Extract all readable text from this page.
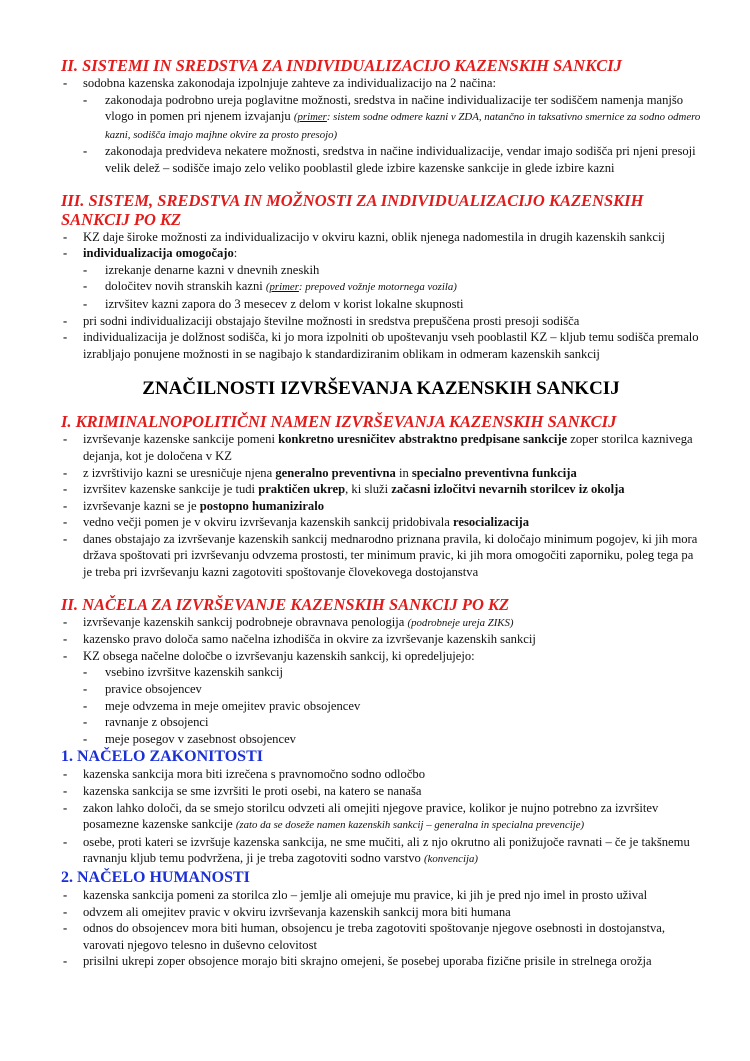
II. SISTEMI IN SREDSTVA ZA INDIVIDUALIZACIJO KAZENSKIH SANKCIJ
- sodobna kazenska zakonodaja izpolnjuje zahteve za individualizacijo na 2 načina:
- zakonodaja podrobno ureja poglavitne možnosti, sredstva in načine individualizacije ter sodiščem namenja manjšo vlogo in pomen pri njenem izvajanju (primer: sistem sodne odmere kazni v ZDA, natančno in taksativno smernice za sodno odmero kazni, sodišča imajo majhne okvire za prosto presojo)
- zakonodaja predvideva nekatere možnosti, sredstva in načine individualizacije, vendar imajo sodišča pri njeni presoji velik delež – sodišče imajo zelo veliko pooblastil glede izbire kazenske sankcije in glede izbire kazni
III. SISTEM, SREDSTVA IN MOŽNOSTI ZA INDIVIDUALIZACIJO KAZENSKIH SANKCIJ PO KZ
- KZ daje široke možnosti za individualizacijo v okviru kazni, oblik njenega nadomestila in drugih kazenskih sankcij
- individualizacija omogočajo:
- izrekanje denarne kazni v dnevnih zneskih
- določitev novih stranskih kazni (primer: prepoved vožnje motornega vozila)
- izrvšitev kazni zapora do 3 mesecev z delom v korist lokalne skupnosti
- pri sodni individualizaciji obstajajo številne možnosti in sredstva prepuščena prosti presoji sodišča
- individualizacija je dolžnost sodišča, ki jo mora izpolniti ob upoštevanju vseh pooblastil KZ – kljub temu sodišča premalo izrabljajo ponujene možnosti in se nagibajo k standardiziranim oblikam in odmeram kazenskih sankcij
ZNAČILNOSTI IZVRŠEVANJA KAZENSKIH SANKCIJ
I. KRIMINALNOPOLITIČNI NAMEN IZVRŠEVANJA KAZENSKIH SANKCIJ
- izvrševanje kazenske sankcije pomeni konkretno uresničitev abstraktno predpisane sankcije zoper storilca kaznivega dejanja, kot je določena v KZ
- z izvrštivijo kazni se uresničuje njena generalno preventivna in specialno preventivna funkcija
- izvršitev kazenske sankcije je tudi praktičen ukrep, ki služi začasni izločitvi nevarnih storilcev iz okolja
- izvrševanje kazni se je postopno humaniziralo
- vedno večji pomen je v okviru izvrševanja kazenskih sankcij pridobivala resocializacija
- danes obstajajo za izvrševanje kazenskih sankcij mednarodno priznana pravila, ki določajo minimum pogojev, ki jih mora država spoštovati pri izvrševanju odvzema prostosti, ter minimum pravic, ki jih mora omogočiti zaporniku, poleg tega pa je treba pri izvrševanju kazni zagotoviti spoštovanje človekovega dostojanstva
II. NAČELA ZA IZVRŠEVANJE KAZENSKIH SANKCIJ PO KZ
- izvrševanje kazenskih sankcij podrobneje obravnava penologija (podrobneje ureja ZIKS)
- kazensko pravo določa samo načelna izhodišča in okvire za izvrševanje kazenskih sankcij
- KZ obsega načelne določbe o izvrševanju kazenskih sankcij, ki opredeljujejo:
- vsebino izvršitve kazenskih sankcij
- pravice obsojencev
- meje odvzema in meje omejitev pravic obsojencev
- ravnanje z obsojenci
- meje posegov v zasebnost obsojencev
1. NAČELO ZAKONITOSTI
- kazenska sankcija mora biti izrečena s pravnomočno sodno odločbo
- kazenska sankcija se sme izvršiti le proti osebi, na katero se nanaša
- zakon lahko določi, da se smejo storilcu odvzeti ali omejiti njegove pravice, kolikor je nujno potrebno za izvršitev posamezne kazenske sankcije (zato da se doseže namen kazenskih sankcij – generalna in specialna prevencije)
- osebe, proti kateri se izvršuje kazenska sankcija, ne sme mučiti, ali z njo okrutno ali ponižujoče ravnati – če je takšnemu ravnanju kljub temu podvržena, ji je treba zagotoviti sodno varstvo (konvencija)
2. NAČELO HUMANOSTI
- kazenska sankcija pomeni za storilca zlo – jemlje ali omejuje mu pravice, ki jih je pred njo imel in prosto užival
- odvzem ali omejitev pravic v okviru izvrševanja kazenskih sankcij mora biti humana
- odnos do obsojencev mora biti human, obsojencu je treba zagotoviti spoštovanje njegove osebnosti in dostojanstva, varovati njegovo telesno in duševno celovitost
- prisilni ukrepi zoper obsojence morajo biti skrajno omejeni, še posebej uporaba fizične prisile in strelnega orožja
